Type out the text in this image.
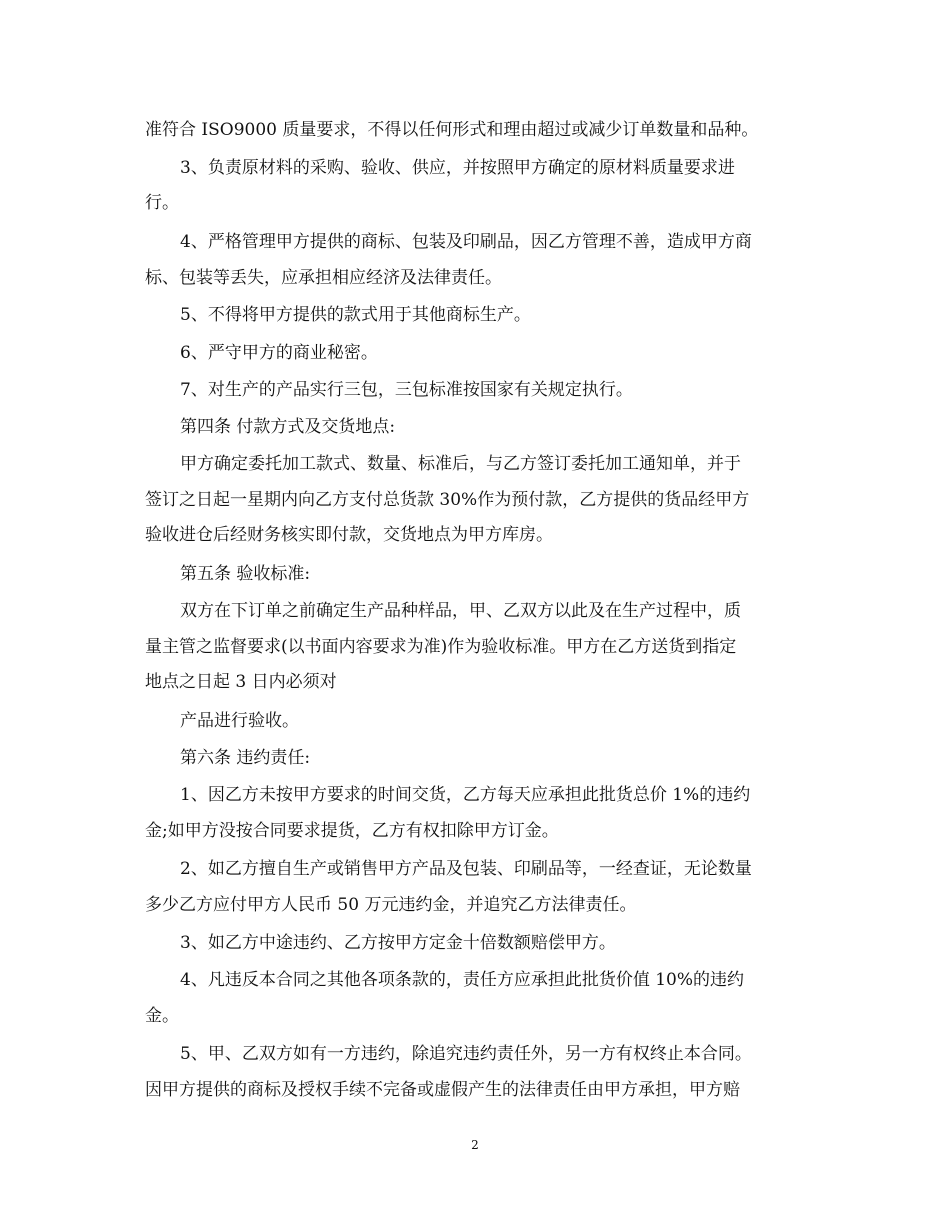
准符合 ISO9000 质量要求，不得以任何形式和理由超过或减少订单数量和品种。
3、负责原材料的采购、验收、供应，并按照甲方确定的原材料质量要求进
行。
4、严格管理甲方提供的商标、包装及印刷品，因乙方管理不善，造成甲方商
标、包装等丢失，应承担相应经济及法律责任。
5、不得将甲方提供的款式用于其他商标生产。
6、严守甲方的商业秘密。
7、对生产的产品实行三包，三包标准按国家有关规定执行。
第四条 付款方式及交货地点:
甲方确定委托加工款式、数量、标准后，与乙方签订委托加工通知单，并于
签订之日起一星期内向乙方支付总货款 30%作为预付款，乙方提供的货品经甲方
验收进仓后经财务核实即付款，交货地点为甲方库房。
第五条 验收标准:
双方在下订单之前确定生产品种样品，甲、乙双方以此及在生产过程中，质
量主管之监督要求(以书面内容要求为准)作为验收标准。甲方在乙方送货到指定
地点之日起 3 日内必须对
产品进行验收。
第六条 违约责任:
1、因乙方未按甲方要求的时间交货，乙方每天应承担此批货总价 1%的违约
金;如甲方没按合同要求提货，乙方有权扣除甲方订金。
2、如乙方擅自生产或销售甲方产品及包装、印刷品等，一经查证，无论数量
多少乙方应付甲方人民币 50 万元违约金，并追究乙方法律责任。
3、如乙方中途违约、乙方按甲方定金十倍数额赔偿甲方。
4、凡违反本合同之其他各项条款的，责任方应承担此批货价值 10%的违约
金。
5、甲、乙双方如有一方违约，除追究违约责任外，另一方有权终止本合同。
因甲方提供的商标及授权手续不完备或虚假产生的法律责任由甲方承担，甲方赔
2
